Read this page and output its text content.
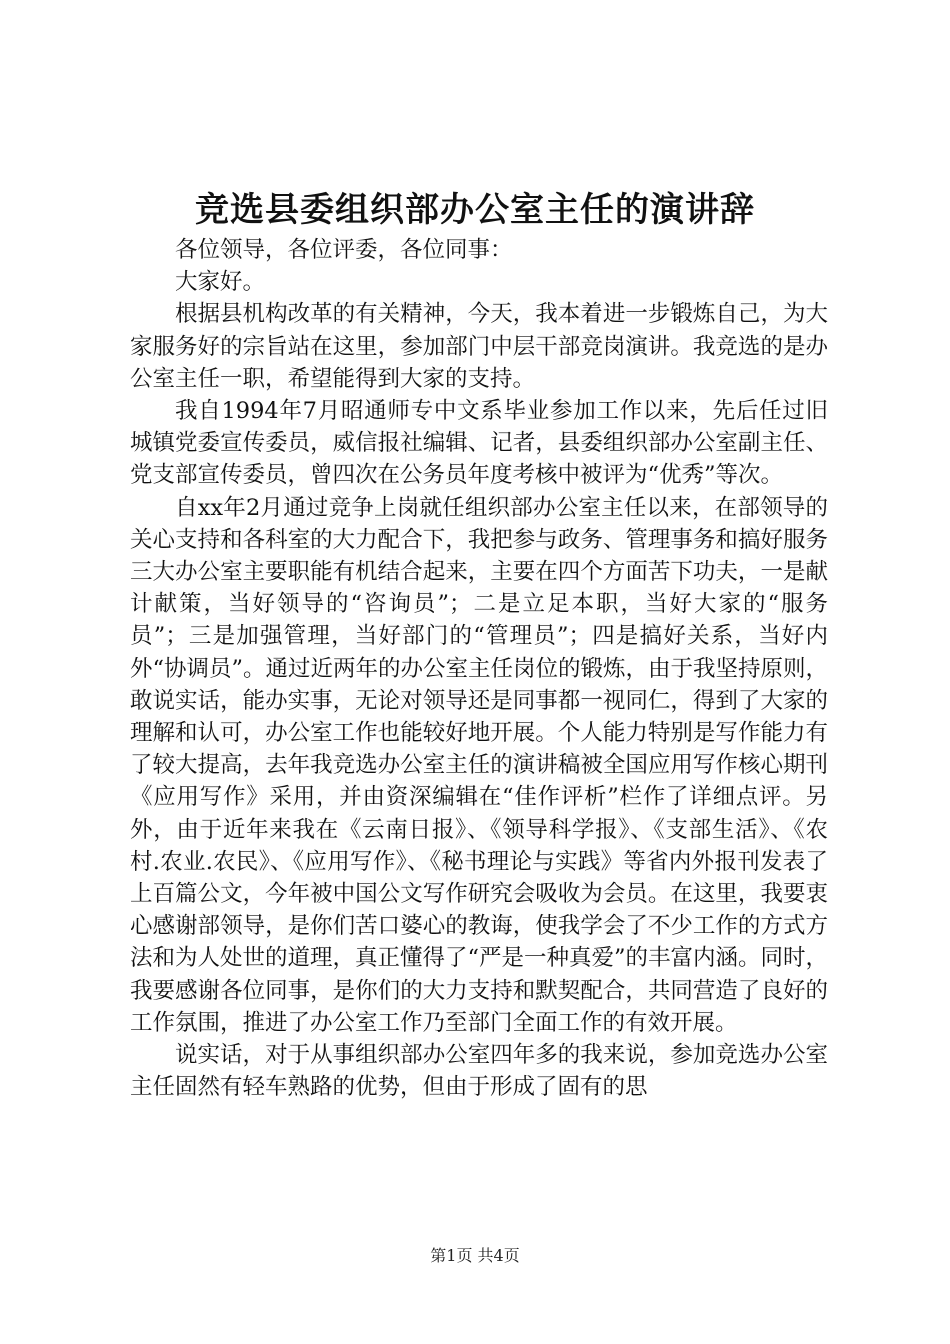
竞选县委组织部办公室主任的演讲辞

各位领导，各位评委，各位同事：

大家好。

根据县机构改革的有关精神，今天，我本着进一步锻炼自己，为大家服务好的宗旨站在这里，参加部门中层干部竞岗演讲。我竞选的是办公室主任一职，希望能得到大家的支持。

我自1994年7月昭通师专中文系毕业参加工作以来，先后任过旧城镇党委宣传委员，威信报社编辑、记者，县委组织部办公室副主任、党支部宣传委员，曾四次在公务员年度考核中被评为“优秀”等次。

自xx年2月通过竞争上岗就任组织部办公室主任以来，在部领导的关心支持和各科室的大力配合下，我把参与政务、管理事务和搞好服务三大办公室主要职能有机结合起来，主要在四个方面苦下功夫，一是献计献策，当好领导的“咨询员”；二是立足本职，当好大家的“服务员”；三是加强管理，当好部门的“管理员”；四是搞好关系，当好内外“协调员”。通过近两年的办公室主任岗位的锻炼，由于我坚持原则，敢说实话，能办实事，无论对领导还是同事都一视同仁，得到了大家的理解和认可，办公室工作也能较好地开展。个人能力特别是写作能力有了较大提高，去年我竞选办公室主任的演讲稿被全国应用写作核心期刊《应用写作》采用，并由资深编辑在“佳作评析”栏作了详细点评。另外，由于近年来我在《云南日报》、《领导科学报》、《支部生活》、《农村.农业.农民》、《应用写作》、《秘书理论与实践》等省内外报刊发表了上百篇公文，今年被中国公文写作研究会吸收为会员。在这里，我要衷心感谢部领导，是你们苦口婆心的教诲，使我学会了不少工作的方式方法和为人处世的道理，真正懂得了“严是一种真爱”的丰富内涵。同时，我要感谢各位同事，是你们的大力支持和默契配合，共同营造了良好的工作氛围，推进了办公室工作乃至部门全面工作的有效开展。

说实话，对于从事组织部办公室四年多的我来说，参加竞选办公室主任固然有轻车熟路的优势，但由于形成了固有的思

第1页 共4页
